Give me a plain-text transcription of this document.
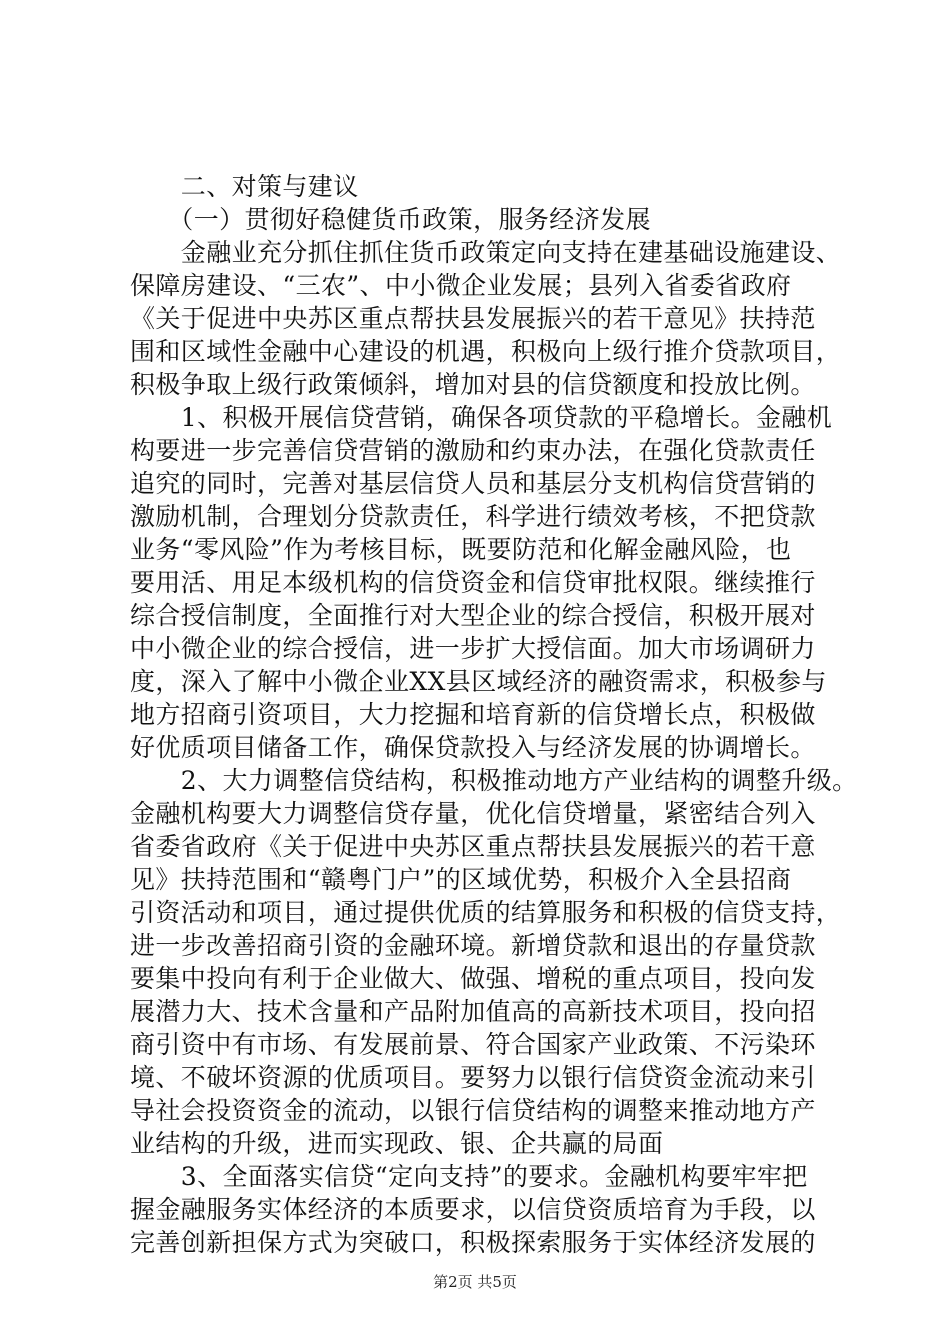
　　二、对策与建议
　　（一）贯彻好稳健货币政策，服务经济发展
　　金融业充分抓住抓住货币政策定向支持在建基础设施建设、
保障房建设、“三农”、中小微企业发展；县列入省委省政府
《关于促进中央苏区重点帮扶县发展振兴的若干意见》扶持范
围和区域性金融中心建设的机遇，积极向上级行推介贷款项目，
积极争取上级行政策倾斜，增加对县的信贷额度和投放比例。
　　1、积极开展信贷营销，确保各项贷款的平稳增长。金融机
构要进一步完善信贷营销的激励和约束办法，在强化贷款责任
追究的同时，完善对基层信贷人员和基层分支机构信贷营销的
激励机制，合理划分贷款责任，科学进行绩效考核，不把贷款
业务“零风险”作为考核目标，既要防范和化解金融风险，也
要用活、用足本级机构的信贷资金和信贷审批权限。继续推行
综合授信制度，全面推行对大型企业的综合授信，积极开展对
中小微企业的综合授信，进一步扩大授信面。加大市场调研力
度，深入了解中小微企业XX县区域经济的融资需求，积极参与
地方招商引资项目，大力挖掘和培育新的信贷增长点，积极做
好优质项目储备工作，确保贷款投入与经济发展的协调增长。
　　2、大力调整信贷结构，积极推动地方产业结构的调整升级。
金融机构要大力调整信贷存量，优化信贷增量，紧密结合列入
省委省政府《关于促进中央苏区重点帮扶县发展振兴的若干意
见》扶持范围和“赣粤门户”的区域优势，积极介入全县招商
引资活动和项目，通过提供优质的结算服务和积极的信贷支持，
进一步改善招商引资的金融环境。新增贷款和退出的存量贷款
要集中投向有利于企业做大、做强、增税的重点项目，投向发
展潜力大、技术含量和产品附加值高的高新技术项目，投向招
商引资中有市场、有发展前景、符合国家产业政策、不污染环
境、不破坏资源的优质项目。要努力以银行信贷资金流动来引
导社会投资资金的流动，以银行信贷结构的调整来推动地方产
业结构的升级，进而实现政、银、企共赢的局面
　　3、全面落实信贷“定向支持”的要求。金融机构要牢牢把
握金融服务实体经济的本质要求，以信贷资质培育为手段，以
完善创新担保方式为突破口，积极探索服务于实体经济发展的
第2页 共5页
